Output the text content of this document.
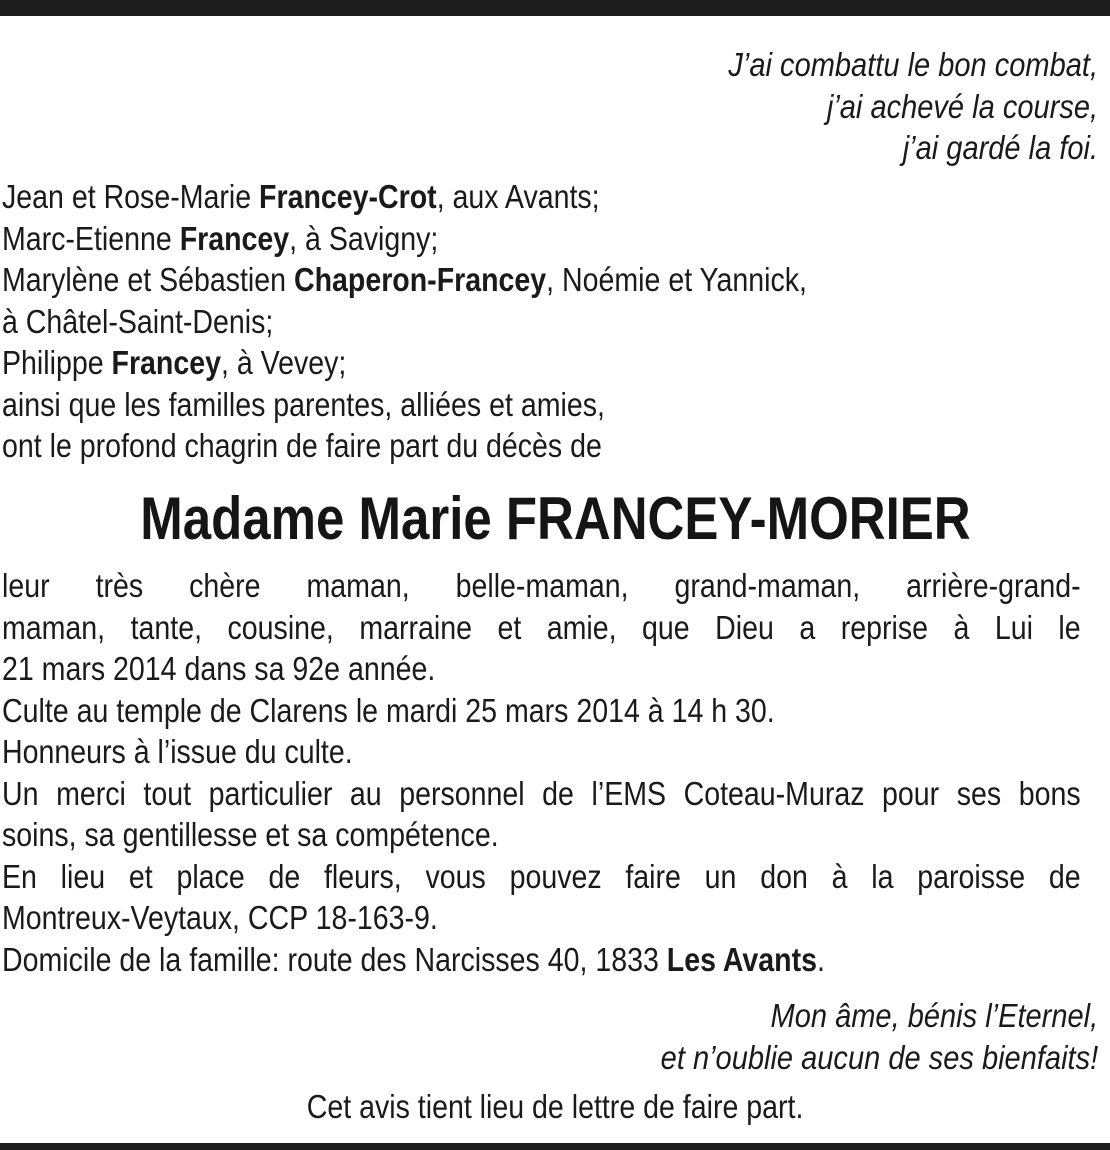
J’ai combattu le bon combat,
j’ai achevé la course,
j’ai gardé la foi.
Jean et Rose-Marie Francey-Crot, aux Avants;
Marc-Etienne Francey, à Savigny;
Marylène et Sébastien Chaperon-Francey, Noémie et Yannick,
à Châtel-Saint-Denis;
Philippe Francey, à Vevey;
ainsi que les familles parentes, alliées et amies,
ont le profond chagrin de faire part du décès de
Madame Marie FRANCEY-MORIER
leur très chère maman, belle-maman, grand-maman, arrière-grand-
maman, tante, cousine, marraine et amie, que Dieu a reprise à Lui le
21 mars 2014 dans sa 92e année.
Culte au temple de Clarens le mardi 25 mars 2014 à 14 h 30.
Honneurs à l’issue du culte.
Un merci tout particulier au personnel de l’EMS Coteau-Muraz pour ses bons
soins, sa gentillesse et sa compétence.
En lieu et place de fleurs, vous pouvez faire un don à la paroisse de
Montreux-Veytaux, CCP 18-163-9.
Domicile de la famille: route des Narcisses 40, 1833 Les Avants.
Mon âme, bénis l’Eternel,
et n’oublie aucun de ses bienfaits!
Cet avis tient lieu de lettre de faire part.
